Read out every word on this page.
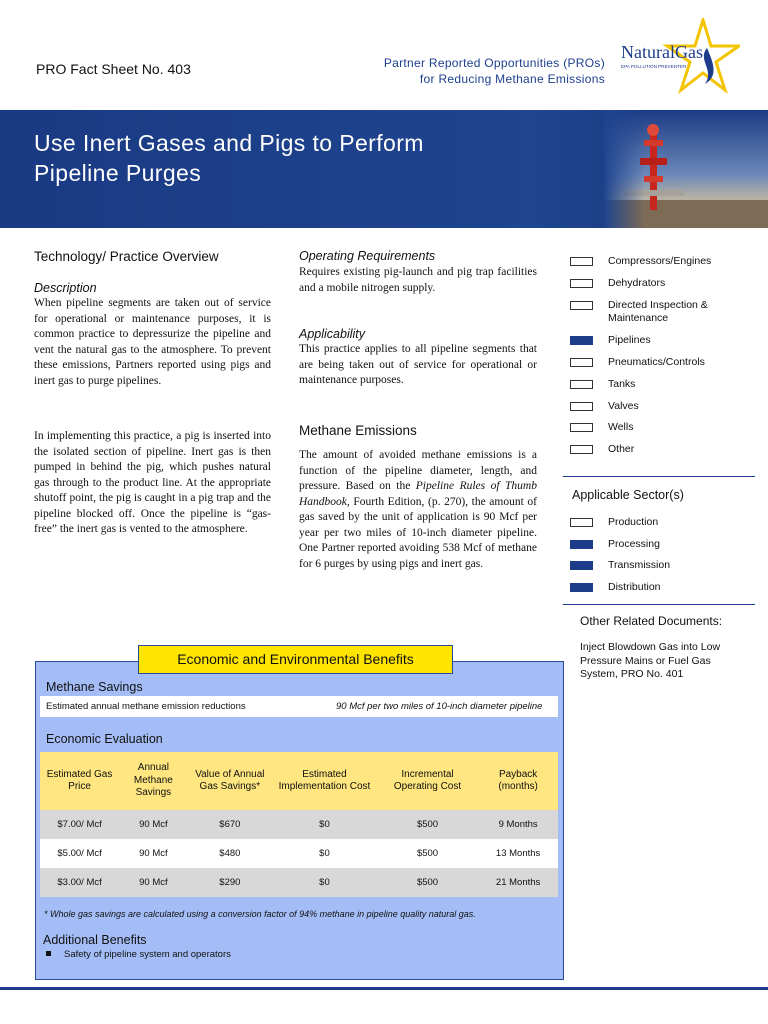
PRO Fact Sheet No. 403	Partner Reported Opportunities (PROs)
for Reducing Methane Emissions
NaturalGas
EPA POLLUTION PREVENTER
Use Inert Gases and Pigs to Perform
Pipeline Purges
Technology/ Practice Overview
Description
When pipeline segments are taken out of service for operational or maintenance purposes, it is common practice to depressurize the pipeline and vent the natural gas to the atmosphere. To prevent these emissions, Partners reported using pigs and inert gas to purge pipelines.
In implementing this practice, a pig is inserted into the isolated section of pipeline. Inert gas is then pumped in behind the pig, which pushes natural gas through to the product line. At the appropriate shutoff point, the pig is caught in a pig trap and the pipeline blocked off. Once the pipeline is “gas-free” the inert gas is vented to the atmosphere.
Operating Requirements
Requires existing pig-launch and pig trap facilities and a mobile nitrogen supply.
Applicability
This practice applies to all pipeline segments that are being taken out of service for operational or maintenance purposes.
Methane Emissions
The amount of avoided methane emissions is a function of the pipeline diameter, length, and pressure. Based on the Pipeline Rules of Thumb Handbook, Fourth Edition, (p. 270), the amount of gas saved by the unit of application is 90 Mcf per year per two miles of 10-inch diameter pipeline. One Partner reported avoiding 538 Mcf of methane for 6 purges by using pigs and inert gas.
Compressors/Engines
Dehydrators
Directed Inspection & Maintenance
Pipelines
Pneumatics/Controls
Tanks
Valves
Wells
Other
Applicable Sector(s)
Production
Processing
Transmission
Distribution
Other Related Documents:
Inject Blowdown Gas into Low Pressure Mains or Fuel Gas System, PRO No. 401
Economic and Environmental Benefits
Methane Savings
Estimated annual methane emission reductions	90 Mcf per two miles of 10-inch diameter pipeline
Economic Evaluation
Estimated Gas Price	Annual Methane Savings	Value of Annual Gas Savings*	Estimated Implementation Cost	Incremental Operating Cost	Payback (months)
$7.00/ Mcf	90 Mcf	$670	$0	$500	9 Months
$5.00/ Mcf	90 Mcf	$480	$0	$500	13 Months
$3.00/ Mcf	90 Mcf	$290	$0	$500	21 Months
* Whole gas savings are calculated using a conversion factor of 94% methane in pipeline quality natural gas.
Additional Benefits
Safety of pipeline system and operators
